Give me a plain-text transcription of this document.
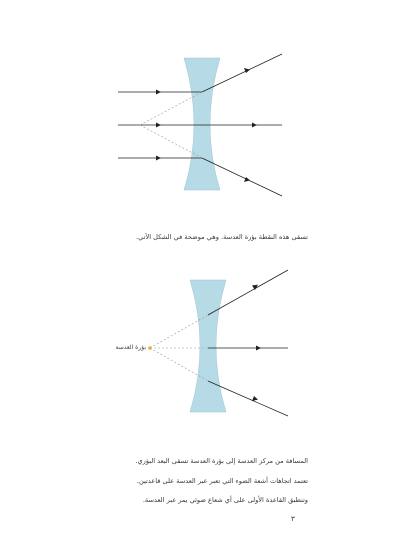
تسقى هذه النقطة بؤرة العدسة. وهي موضحة في الشكل الآتي.
بؤرة العدسة
المسافة من مركز العدسة إلى بؤرة العدسة تسقى البعد البؤري.
تعتمد اتجاهات أشعة الضوء التي تعبر عبر العدسة على قاعدتين.
وتنطبق القاعدة الأولى على أي شعاع ضوئي يمر عبر العدسة.
٣
